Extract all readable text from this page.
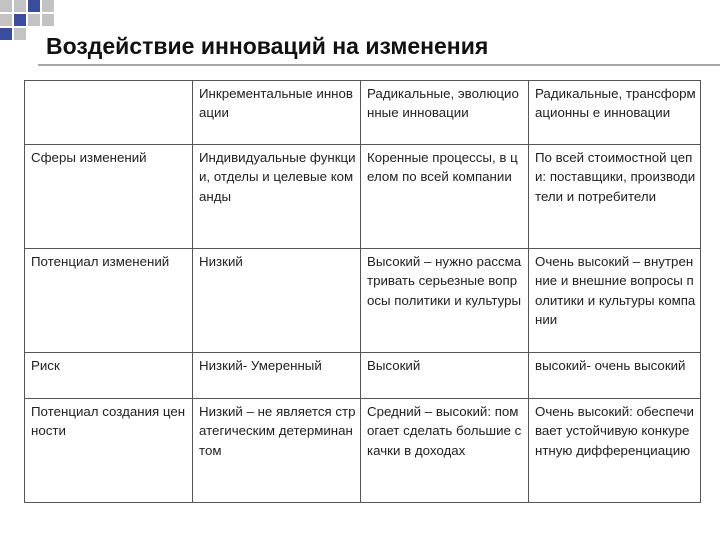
Воздействие инноваций на изменения
	Инкрементальные инновации	Радикальные, эволюционные инновации	Радикальные, трансформационны е инновации
Сферы изменений	Индивидуальные функции, отделы и целевые команды	Коренные процессы, в целом по всей компании	По всей стоимостной цепи: поставщики, производители и потребители
Потенциал изменений	Низкий	Высокий – нужно рассматривать серьезные вопросы политики и культуры	Очень высокий – внутренние и внешние вопросы политики и культуры компании
Риск	Низкий- Умеренный	Высокий	высокий- очень высокий
Потенциал создания ценности	Низкий – не является стратегическим детерминантом	Средний – высокий: помогает сделать большие скачки в доходах	Очень высокий: обеспечивает устойчивую конкурентную дифференциацию
